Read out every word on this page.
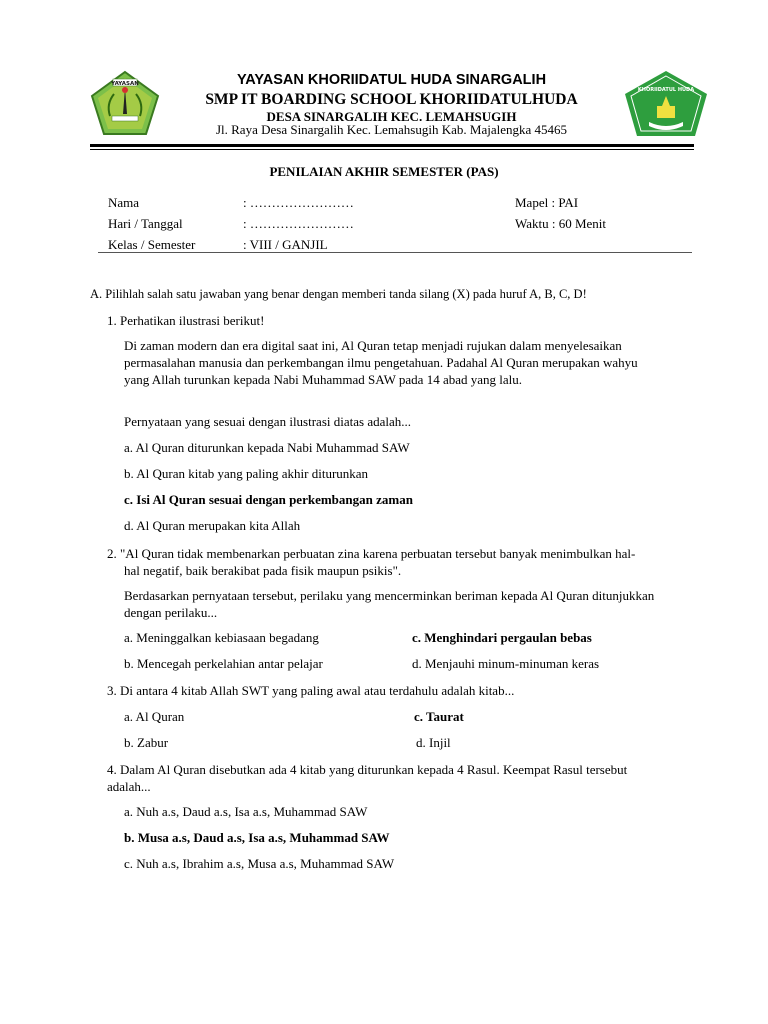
YAYASAN
KHORIIDATUL HUDA
YAYASAN KHORIIDATUL HUDA SINARGALIH
SMP IT BOARDING SCHOOL KHORIIDATULHUDA
DESA SINARGALIH KEC. LEMAHSUGIH
Jl. Raya Desa Sinargalih Kec. Lemahsugih Kab. Majalengka 45465
PENILAIAN AKHIR SEMESTER (PAS)
Nama	: ……………………	Mapel : PAI
Hari / Tanggal	: ……………………	Waktu : 60 Menit
Kelas / Semester	: VIII / GANJIL
A. Pilihlah salah satu jawaban yang benar dengan memberi tanda silang (X) pada huruf A, B, C, D!
1. Perhatikan ilustrasi berikut!
Di zaman modern dan era digital saat ini, Al Quran tetap menjadi rujukan dalam menyelesaikan permasalahan manusia dan perkembangan ilmu pengetahuan. Padahal Al Quran merupakan wahyu yang Allah turunkan kepada Nabi Muhammad SAW pada 14 abad yang lalu.
Pernyataan yang sesuai dengan ilustrasi diatas adalah...
a. Al Quran diturunkan kepada Nabi Muhammad SAW
b. Al Quran kitab yang paling akhir diturunkan
c. Isi Al Quran sesuai dengan perkembangan zaman
d. Al Quran merupakan kita Allah
2. "Al Quran tidak membenarkan perbuatan zina karena perbuatan tersebut banyak menimbulkan hal-hal negatif, baik berakibat pada fisik maupun psikis".
Berdasarkan pernyataan tersebut, perilaku yang mencerminkan beriman kepada Al Quran ditunjukkan dengan perilaku...
a. Meninggalkan kebiasaan begadang	c. Menghindari pergaulan bebas
b. Mencegah perkelahian antar pelajar	d. Menjauhi minum-minuman keras
3. Di antara 4 kitab Allah SWT yang paling awal atau terdahulu adalah kitab...
a. Al Quran	c. Taurat
b. Zabur	d. Injil
4. Dalam Al Quran disebutkan ada 4 kitab yang diturunkan kepada 4 Rasul. Keempat Rasul tersebut adalah...
a. Nuh a.s, Daud a.s, Isa a.s, Muhammad SAW
b. Musa a.s, Daud a.s, Isa a.s, Muhammad SAW
c. Nuh a.s, Ibrahim a.s, Musa a.s, Muhammad SAW
